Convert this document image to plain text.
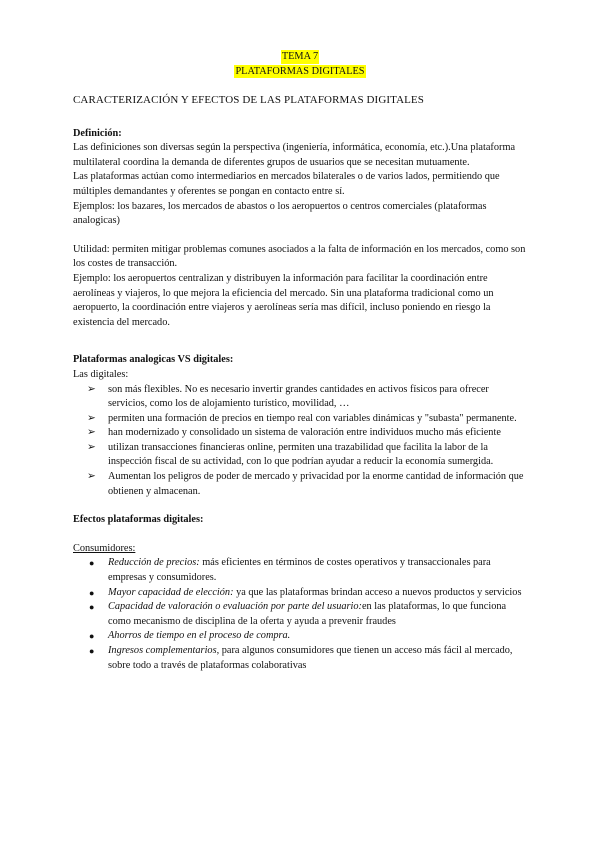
TEMA 7
PLATAFORMAS DIGITALES
CARACTERIZACIÓN Y EFECTOS DE LAS PLATAFORMAS DIGITALES

Definición:

Las definiciones son diversas según la perspectiva (ingeniería, informática, economía, etc.).Una plataforma multilateral coordina la demanda de diferentes grupos de usuarios que se necesitan mutuamente.

Las plataformas actúan como intermediarios en mercados bilaterales o de varios lados, permitiendo que múltiples demandantes y oferentes se pongan en contacto entre sí.

Ejemplos: los bazares, los mercados de abastos o los aeropuertos o centros comerciales (plataformas analogicas)

Utilidad: permiten mitigar problemas comunes asociados a la falta de información en los mercados, como son los costes de transacción.

Ejemplo: los aeropuertos centralizan y distribuyen la información para facilitar la coordinación entre aerolíneas y viajeros, lo que mejora la eficiencia del mercado. Sin una plataforma tradicional como un aeropuerto, la coordinación entre viajeros y aerolíneas sería mas difícil, incluso poniendo en riesgo la existencia del mercado.

Plataformas analogicas VS digitales:

Las digitales:

➢ son más flexibles. No es necesario invertir grandes cantidades en activos físicos para ofrecer servicios, como los de alojamiento turístico, movilidad, …
➢ permiten una formación de precios en tiempo real con variables dinámicas y "subasta" permanente.
➢ han modernizado y consolidado un sistema de valoración entre individuos mucho más eficiente
➢ utilizan transacciones financieras online, permiten una trazabilidad que facilita la labor de la inspección fiscal de su actividad, con lo que podrían ayudar a reducir la economía sumergida.
➢ Aumentan los peligros de poder de mercado y privacidad por la enorme cantidad de información que obtienen y almacenan.

Efectos plataformas digitales:

Consumidores:

● Reducción de precios: más eficientes en términos de costes operativos y transaccionales para empresas y consumidores.
● Mayor capacidad de elección: ya que las plataformas brindan acceso a nuevos productos y servicios
● Capacidad de valoración o evaluación por parte del usuario:en las plataformas, lo que funciona como mecanismo de disciplina de la oferta y ayuda a prevenir fraudes
● Ahorros de tiempo en el proceso de compra.
● Ingresos complementarios, para algunos consumidores que tienen un acceso más fácil al mercado, sobre todo a través de plataformas colaborativas
